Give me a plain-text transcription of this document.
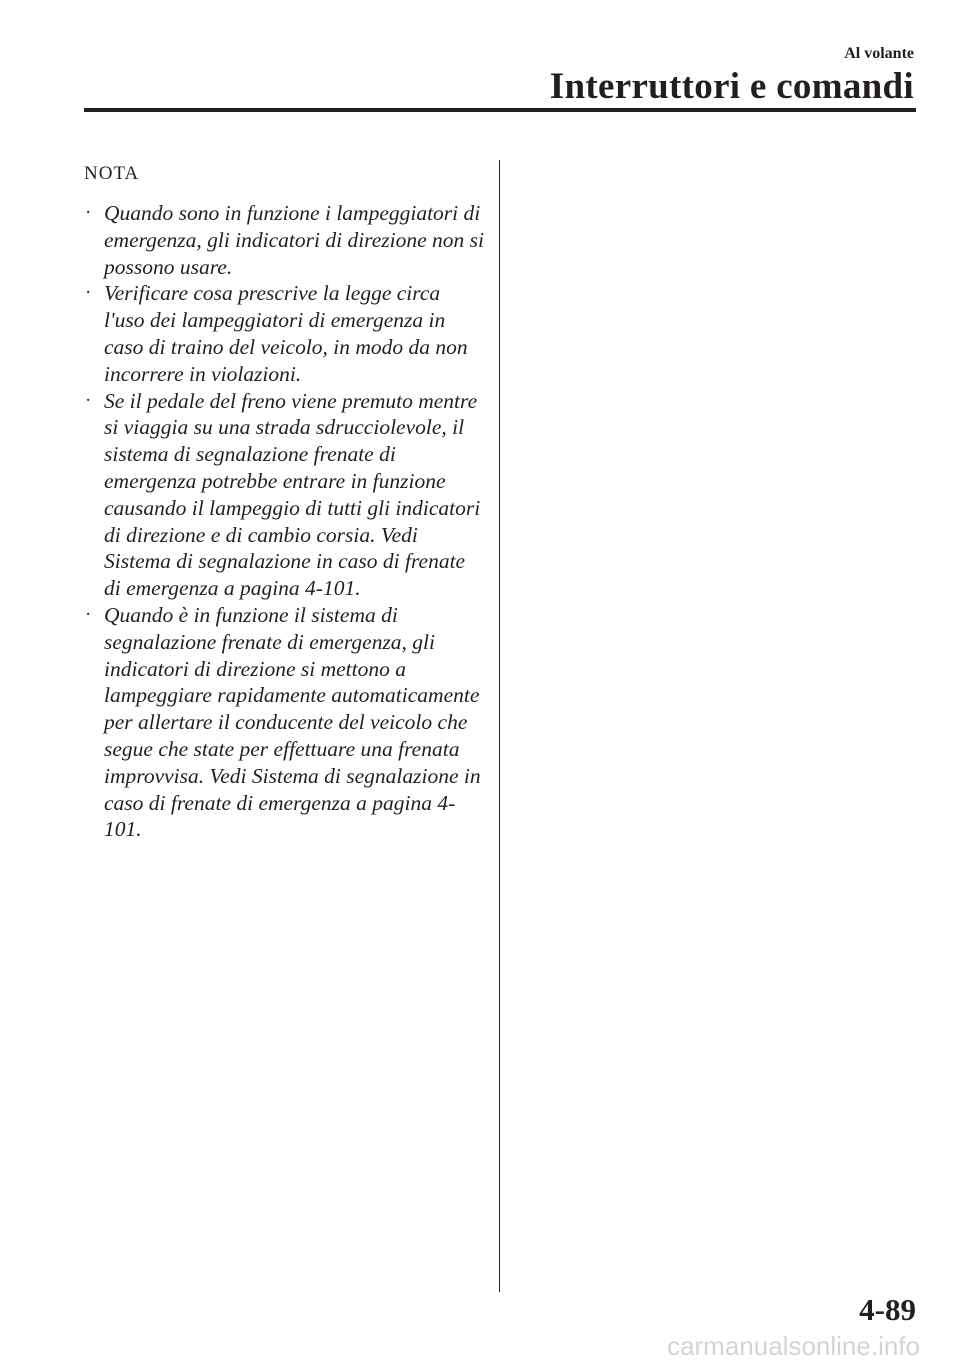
Al volante
Interruttori e comandi
NOTA
· Quando sono in funzione i lampeggiatori di emergenza, gli indicatori di direzione non si possono usare.
· Verificare cosa prescrive la legge circa l'uso dei lampeggiatori di emergenza in caso di traino del veicolo, in modo da non incorrere in violazioni.
· Se il pedale del freno viene premuto mentre si viaggia su una strada sdrucciolevole, il sistema di segnalazione frenate di emergenza potrebbe entrare in funzione causando il lampeggio di tutti gli indicatori di direzione e di cambio corsia. Vedi Sistema di segnalazione in caso di frenate di emergenza a pagina 4-101.
· Quando è in funzione il sistema di segnalazione frenate di emergenza, gli indicatori di direzione si mettono a lampeggiare rapidamente automaticamente per allertare il conducente del veicolo che segue che state per effettuare una frenata improvvisa. Vedi Sistema di segnalazione in caso di frenate di emergenza a pagina 4-101.
4-89
carmanualsonline.info
